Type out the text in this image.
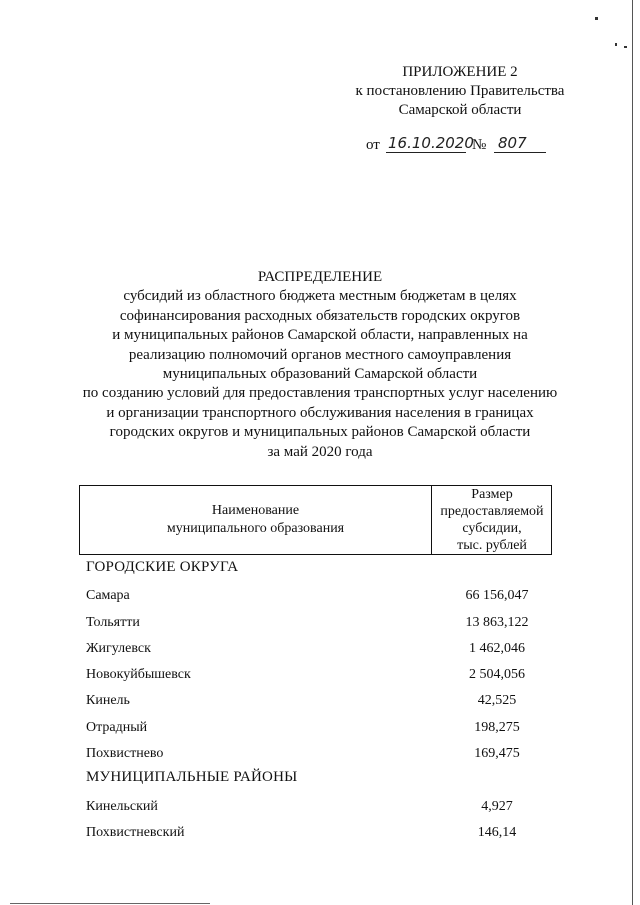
ПРИЛОЖЕНИЕ 2
к постановлению Правительства
Самарской области
от 16.10.2020
№ 807
РАСПРЕДЕЛЕНИЕ
субсидий из областного бюджета местным бюджетам в целях
софинансирования расходных обязательств городских округов
и муниципальных районов Самарской области, направленных на
реализацию полномочий органов местного самоуправления
муниципальных образований Самарской области
по созданию условий для предоставления транспортных услуг населению
и организации транспортного обслуживания населения в границах
городских округов и муниципальных районов Самарской области
за май 2020 года
Наименование
муниципального образования
Размер
предоставляемой
субсидии,
тыс. рублей
ГОРОДСКИЕ ОКРУГА
Самара	66 156,047
Тольятти	13 863,122
Жигулевск	1 462,046
Новокуйбышевск	2 504,056
Кинель	42,525
Отрадный	198,275
Похвистнево	169,475
МУНИЦИПАЛЬНЫЕ РАЙОНЫ
Кинельский	4,927
Похвистневский	146,14
